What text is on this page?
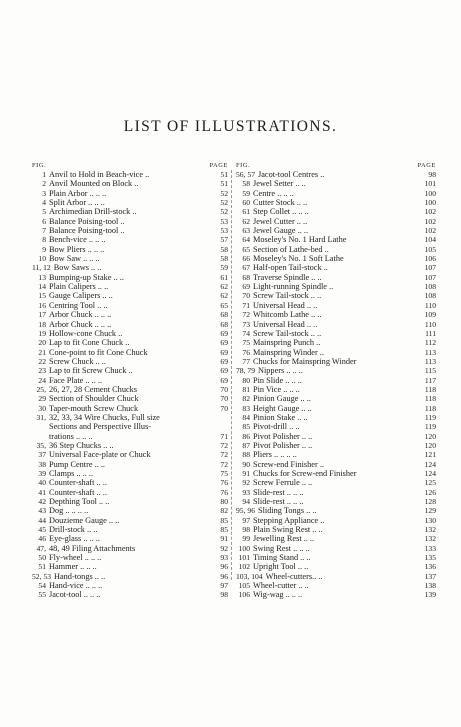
LIST OF ILLUSTRATIONS.
FIG.	PAGE
1 Anvil to Hold in Beach-vice ..	51
2 Anvil Mounted on Block ..	51
3 Plain Arbor .. .. ..	52
4 Split Arbor .. .. ..	52
5 Archimedian Drill-stock ..	52
6 Balance Poising-tool ..	53
7 Balance Poising-tool ..	53
8 Bench-vice .. .. ..	57
9 Bow Pliers .. .. ..	58
10 Bow Saw .. .. ..	58
11, 12 Bow Saws .. ..	59
13 Bumping-up Stake .. ..	61
14 Plain Calipers .. ..	62
15 Gauge Calipers .. ..	62
16 Centring Tool .. ..	65
17 Arbor Chuck .. .. ..	68
18 Arbor Chuck .. .. ..	68
19 Hollow-cone Chuck ..	69
20 Lap to fit Cone Chuck ..	69
21 Cone-point to fit Cone Chuck	69
22 Screw Chuck .. ..	69
23 Lap to fit Screw Chuck ..	69
24 Face Plate .. .. ..	69
25, 26, 27, 28 Cement Chucks	70
29 Section of Shoulder Chuck	70
30 Taper-mouth Screw Chuck	70
31, 32, 33, 34 Wire Chucks, Full size
Sections and Perspective Illus-
trations .. .. ..	71
35, 36 Step Chucks .. ..	72
37 Universal Face-plate or Chuck	72
38 Pump Centre .. ..	72
39 Clamps .. .. ..	75
40 Counter-shaft .. ..	76
41 Counter-shaft .. ..	76
42 Depthing Tool .. ..	80
43 Dog .. .. .. ..	82
44 Douzieme Gauge .. ..	85
45 Drill-stock .. ..	85
46 Eye-glass .. .. ..	91
47, 48, 49 Filing Attachments	92
50 Fly-wheel .. .. ..	93
51 Hammer .. .. ..	96
52, 53 Hand-tongs .. ..	96
54 Hand-vice .. .. ..	97
55 Jacot-tool .. .. ..	98
FIG.	PAGE
56, 57 Jacot-tool Centres ..	98
58 Jewel Setter .. ..	101
59 Centre .. .. ..	100
60 Cutter Stock .. ..	100
61 Step Collet .. .. ..	102
62 Jewel Cutter .. ..	102
63 Jewel Gauge .. ..	102
64 Moseley's No. 1 Hard Lathe	104
65 Section of Lathe-bed ..	105
66 Moseley's No. 1 Soft Lathe	106
67 Half-open Tail-stock ..	107
68 Traverse Spindle .. ..	107
69 Light-running Spindle ..	108
70 Screw Tail-stock .. ..	108
71 Universal Head .. ..	110
72 Whitcomb Lathe .. ..	109
73 Universal Head .. ..	110
74 Screw Tail-stock .. ..	111
75 Mainspring Punch ..	112
76 Mainspring Winder ..	113
77 Chucks for Mainspring Winder	113
78, 79 Nippers .. .. ..	115
80 Pin Slide .. .. ..	117
81 Pin Vice .. .. ..	118
82 Pinion Gauge .. ..	118
83 Height Gauge .. ..	118
84 Pinion Stake .. ..	119
85 Pivot-drill .. ..	119
86 Pivot Polisher .. ..	120
87 Pivot Polisher .. ..	120
88 Pliers .. .. .. ..	121
90 Screw-end Finisher ..	124
91 Chucks for Screw-end Finisher	124
92 Screw Ferrule .. ..	125
93 Slide-rest .. .. ..	126
94 Slide-rest .. .. ..	128
95, 96 Sliding Tongs .. ..	129
97 Stepping Appliance ..	130
98 Plain Swing Rest .. ..	132
99 Jewelling Rest .. ..	132
100 Swing Rest .. .. ..	133
101 Timing Stand .. ..	135
102 Upright Tool .. ..	136
103, 104 Wheel-cutters.. ..	137
105 Wheel-cutter .. ..	138
106 Wig-wag .. .. ..	139
